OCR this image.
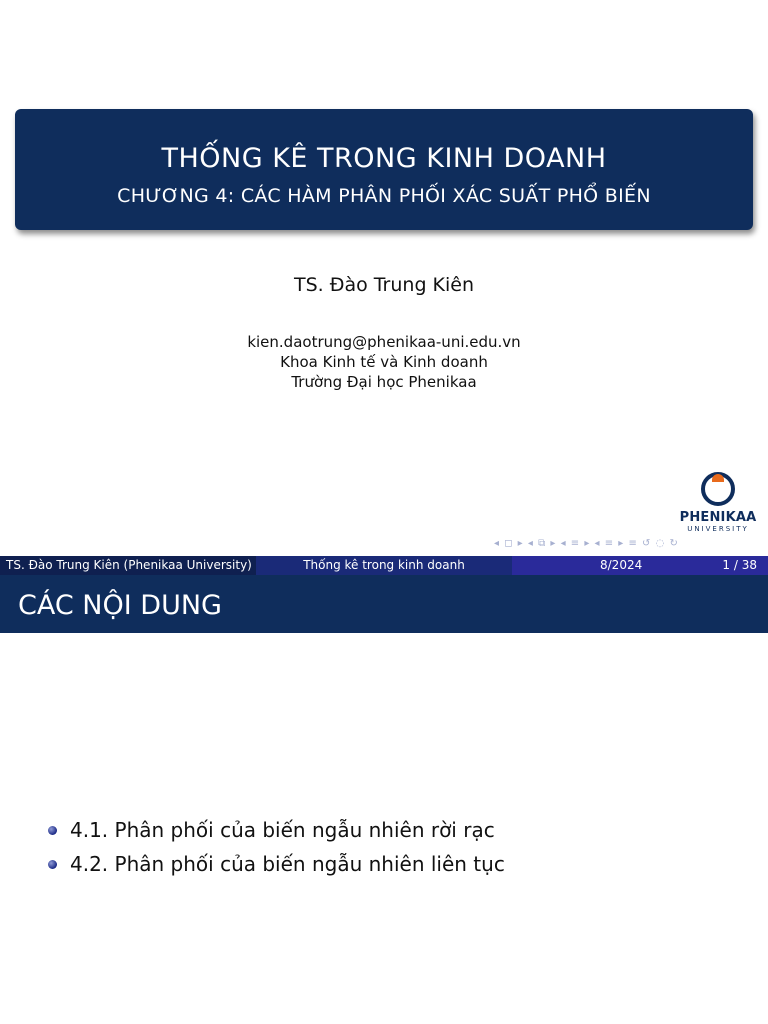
THỐNG KÊ TRONG KINH DOANH
CHƯƠNG 4: CÁC HÀM PHÂN PHỐI XÁC SUẤT PHỔ BIẾN
TS. Đào Trung Kiên
kien.daotrung@phenikaa-uni.edu.vn
Khoa Kinh tế và Kinh doanh
Trường Đại học Phenikaa
PHENIKAA
UNIVERSITY
◂ ◻ ▸ ◂ ⧉ ▸ ◂ ≡ ▸ ◂ ≡ ▸ ≡ ↺ ◌ ↻
TS. Đào Trung Kiên (Phenikaa University)	Thống kê trong kinh doanh	8/2024	1 / 38
CÁC NỘI DUNG
4.1. Phân phối của biến ngẫu nhiên rời rạc
4.2. Phân phối của biến ngẫu nhiên liên tục
